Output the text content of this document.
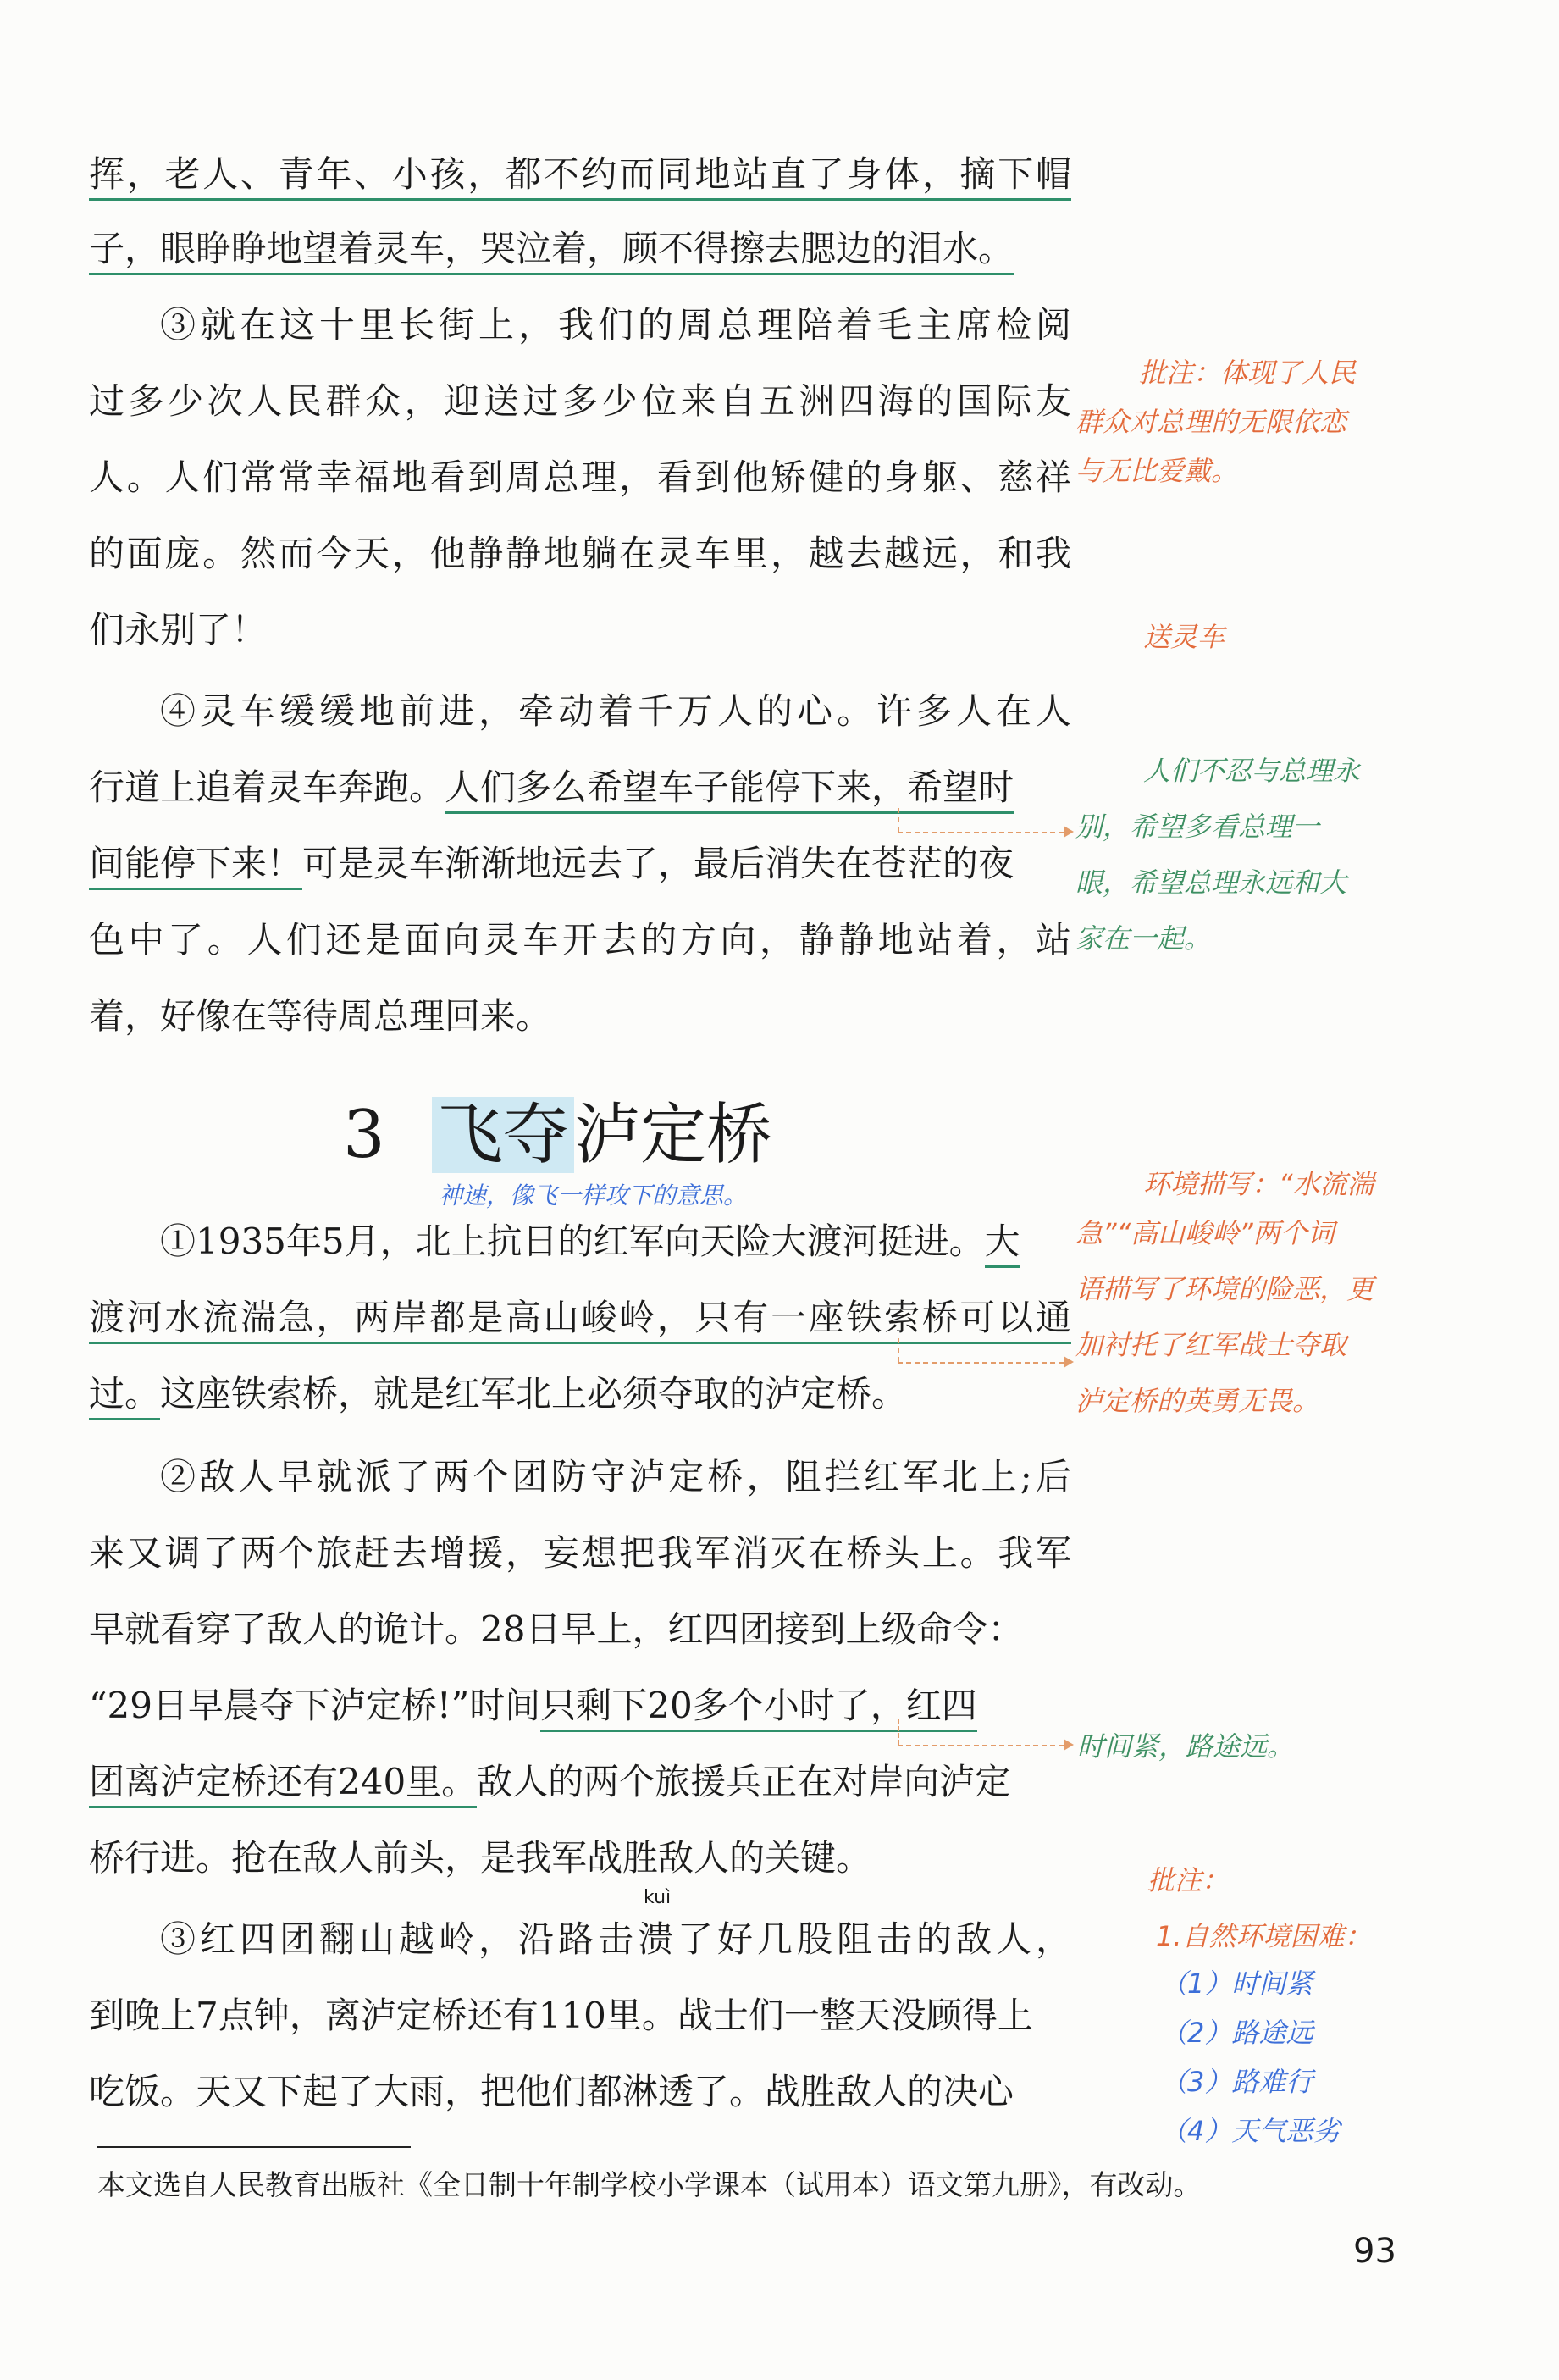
挥，老人、青年、小孩，都不约而同地站直了身体，摘下帽
子，眼睁睁地望着灵车，哭泣着，顾不得擦去腮边的泪水。
③就在这十里长街上，我们的周总理陪着毛主席检阅
过多少次人民群众，迎送过多少位来自五洲四海的国际友
人。人们常常幸福地看到周总理，看到他矫健的身躯、慈祥
的面庞。然而今天，他静静地躺在灵车里，越去越远，和我
们永别了！
④灵车缓缓地前进，牵动着千万人的心。许多人在人
行道上追着灵车奔跑。人们多么希望车子能停下来，希望时
间能停下来！可是灵车渐渐地远去了，最后消失在苍茫的夜
色中了。人们还是面向灵车开去的方向，静静地站着，站
着，好像在等待周总理回来。
批注：体现了人民
群众对总理的无限依恋
与无比爱戴。
送灵车
人们不忍与总理永
别，希望多看总理一
眼，希望总理永远和大
家在一起。
3 飞夺泸定桥
神速，像飞一样攻下的意思。
①1935年5月，北上抗日的红军向天险大渡河挺进。大
渡河水流湍急，两岸都是高山峻岭，只有一座铁索桥可以通
过。这座铁索桥，就是红军北上必须夺取的泸定桥。
②敌人早就派了两个团防守泸定桥，阻拦红军北上;后
来又调了两个旅赶去增援，妄想把我军消灭在桥头上。我军
早就看穿了敌人的诡计。28日早上，红四团接到上级命令：
“29日早晨夺下泸定桥!”时间只剩下20多个小时了，红四
团离泸定桥还有240里。敌人的两个旅援兵正在对岸向泸定
桥行进。抢在敌人前头，是我军战胜敌人的关键。
kuì
③红四团翻山越岭，沿路击溃了好几股阻击的敌人，
到晚上7点钟，离泸定桥还有110里。战士们一整天没顾得上
吃饭。天又下起了大雨，把他们都淋透了。战胜敌人的决心
环境描写：“水流湍
急”“高山峻岭”两个词
语描写了环境的险恶，更
加衬托了红军战士夺取
泸定桥的英勇无畏。
时间紧，路途远。
批注：
1.自然环境困难：
（1）时间紧
（2）路途远
（3）路难行
（4）天气恶劣
本文选自人民教育出版社《全日制十年制学校小学课本（试用本）语文第九册》，有改动。
93
